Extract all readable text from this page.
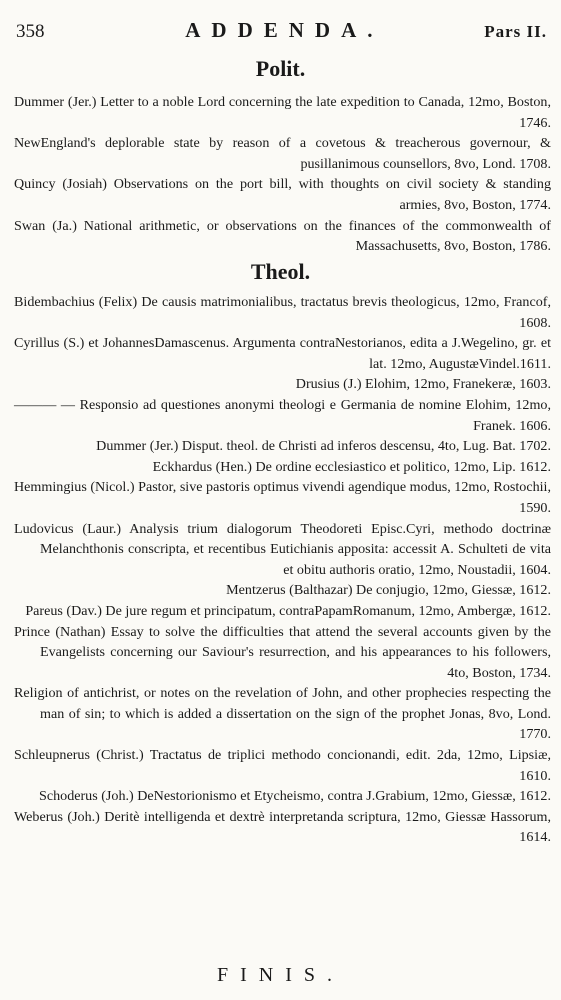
358	ADDENDA.	Pars II.
Polit.

Dummer (Jer.) Letter to a noble Lord concerning the late expedition to Canada, 12mo, Boston, 1746.

NewEngland's deplorable state by reason of a covetous & treacherous governour, & pusillanimous counsellors, 8vo, Lond. 1708.

Quincy (Josiah) Observations on the port bill, with thoughts on civil society & standing armies, 8vo, Boston, 1774.

Swan (Ja.) National arithmetic, or observations on the finances of the commonwealth of Massachusetts, 8vo, Boston, 1786.

Theol.

Bidembachius (Felix) De causis matrimonialibus, tractatus brevis theologicus, 12mo, Francof, 1608.

Cyrillus (S.) et JohannesDamascenus. Argumenta contraNestorianos, edita a J.Wegelino, gr. et lat. 12mo, AugustæVindel.1611.

Drusius (J.) Elohim, 12mo, Franekeræ, 1603.

——— — Responsio ad questiones anonymi theologi e Germania de nomine Elohim, 12mo, Franek. 1606.

Dummer (Jer.) Disput. theol. de Christi ad inferos descensu, 4to, Lug. Bat. 1702.

Eckhardus (Hen.) De ordine ecclesiastico et politico, 12mo, Lip. 1612.

Hemmingius (Nicol.) Pastor, sive pastoris optimus vivendi agendique modus, 12mo, Rostochii, 1590.

Ludovicus (Laur.) Analysis trium dialogorum Theodoreti Episc.Cyri, methodo doctrinæ Melanchthonis conscripta, et recentibus Eutichianis apposita: accessit A. Schulteti de vita et obitu authoris oratio, 12mo, Noustadii, 1604.

Mentzerus (Balthazar) De conjugio, 12mo, Giessæ, 1612.

Pareus (Dav.) De jure regum et principatum, contraPapamRomanum, 12mo, Ambergæ, 1612.

Prince (Nathan) Essay to solve the difficulties that attend the several accounts given by the Evangelists concerning our Saviour's resurrection, and his appearances to his followers, 4to, Boston, 1734.

Religion of antichrist, or notes on the revelation of John, and other prophecies respecting the man of sin; to which is added a dissertation on the sign of the prophet Jonas, 8vo, Lond. 1770.

Schleupnerus (Christ.) Tractatus de triplici methodo concionandi, edit. 2da, 12mo, Lipsiæ, 1610.

Schoderus (Joh.) DeNestorionismo et Etycheismo, contra J.Grabium, 12mo, Giessæ, 1612.

Weberus (Joh.) Deritè intelligenda et dextrè interpretanda scriptura, 12mo, Giessæ Hassorum, 1614.

FINIS.
